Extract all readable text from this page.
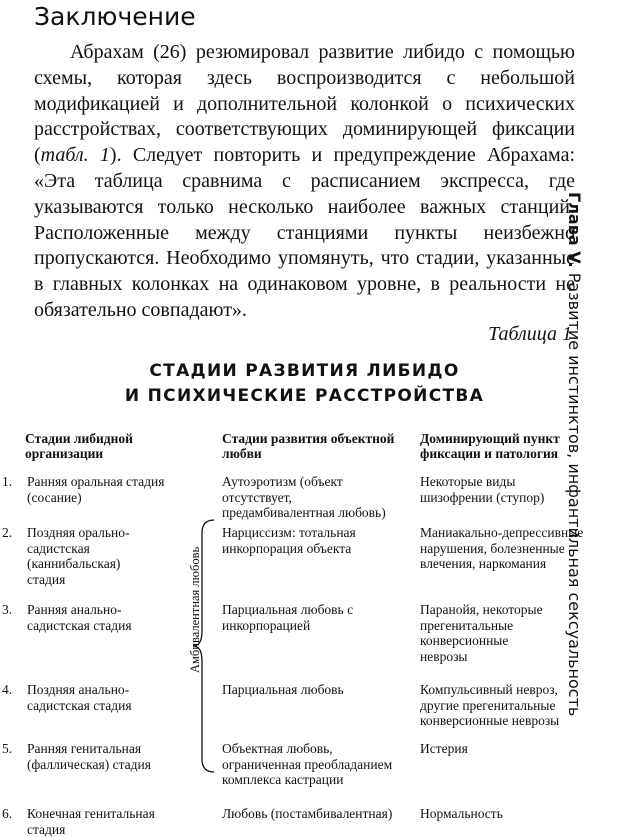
Заключение

Абрахам (26) резюмировал развитие либидо с помощью схемы, которая здесь воспроизводится с небольшой модификацией и дополнительной колонкой о психических расстройствах, соответствующих доминирующей фиксации (табл. 1). Следует повторить и предупреждение Абрахама: «Эта таблица сравнима с расписанием экспресса, где указываются только несколько наиболее важных станций. Расположенные между станциями пункты неизбежно пропускаются. Необходимо упомянуть, что стадии, указанные в главных колонках на одинаковом уровне, в реальности не обязательно совпадают».

Таблица 1
СТАДИИ РАЗВИТИЯ ЛИБИДО
И ПСИХИЧЕСКИЕ РАССТРОЙСТВА
Стадии либидной организации
Стадии развития объектной любви
Доминирующий пункт фиксации и патология
1. Ранняя оральная стадия (сосание)
Аутоэротизм (объект отсутствует, предамбивалентная любовь)
Некоторые виды шизофрении (ступор)
2. Поздняя орально-садистская (каннибальская) стадия
Нарциссизм: тотальная инкорпорация объекта
Маниакально-депрессивные нарушения, болезненные влечения, наркомания
3. Ранняя анально-садистская стадия
Парциальная любовь с инкорпорацией
Паранойя, некоторые прегенитальные конверсионные неврозы
4. Поздняя анально-садистская стадия
Парциальная любовь	Компульсивный невроз, другие прегенитальные конверсионные неврозы
5. Ранняя генитальная (фаллическая) стадия
Объектная любовь, ограниченная преобладанием комплекса кастрации
Истерия
6. Конечная генитальная стадия
Любовь (постамбивалентная)	Нормальность
Амбивалентная любовь
Глава V. Развитие инстинктов, инфантильная сексуальность
